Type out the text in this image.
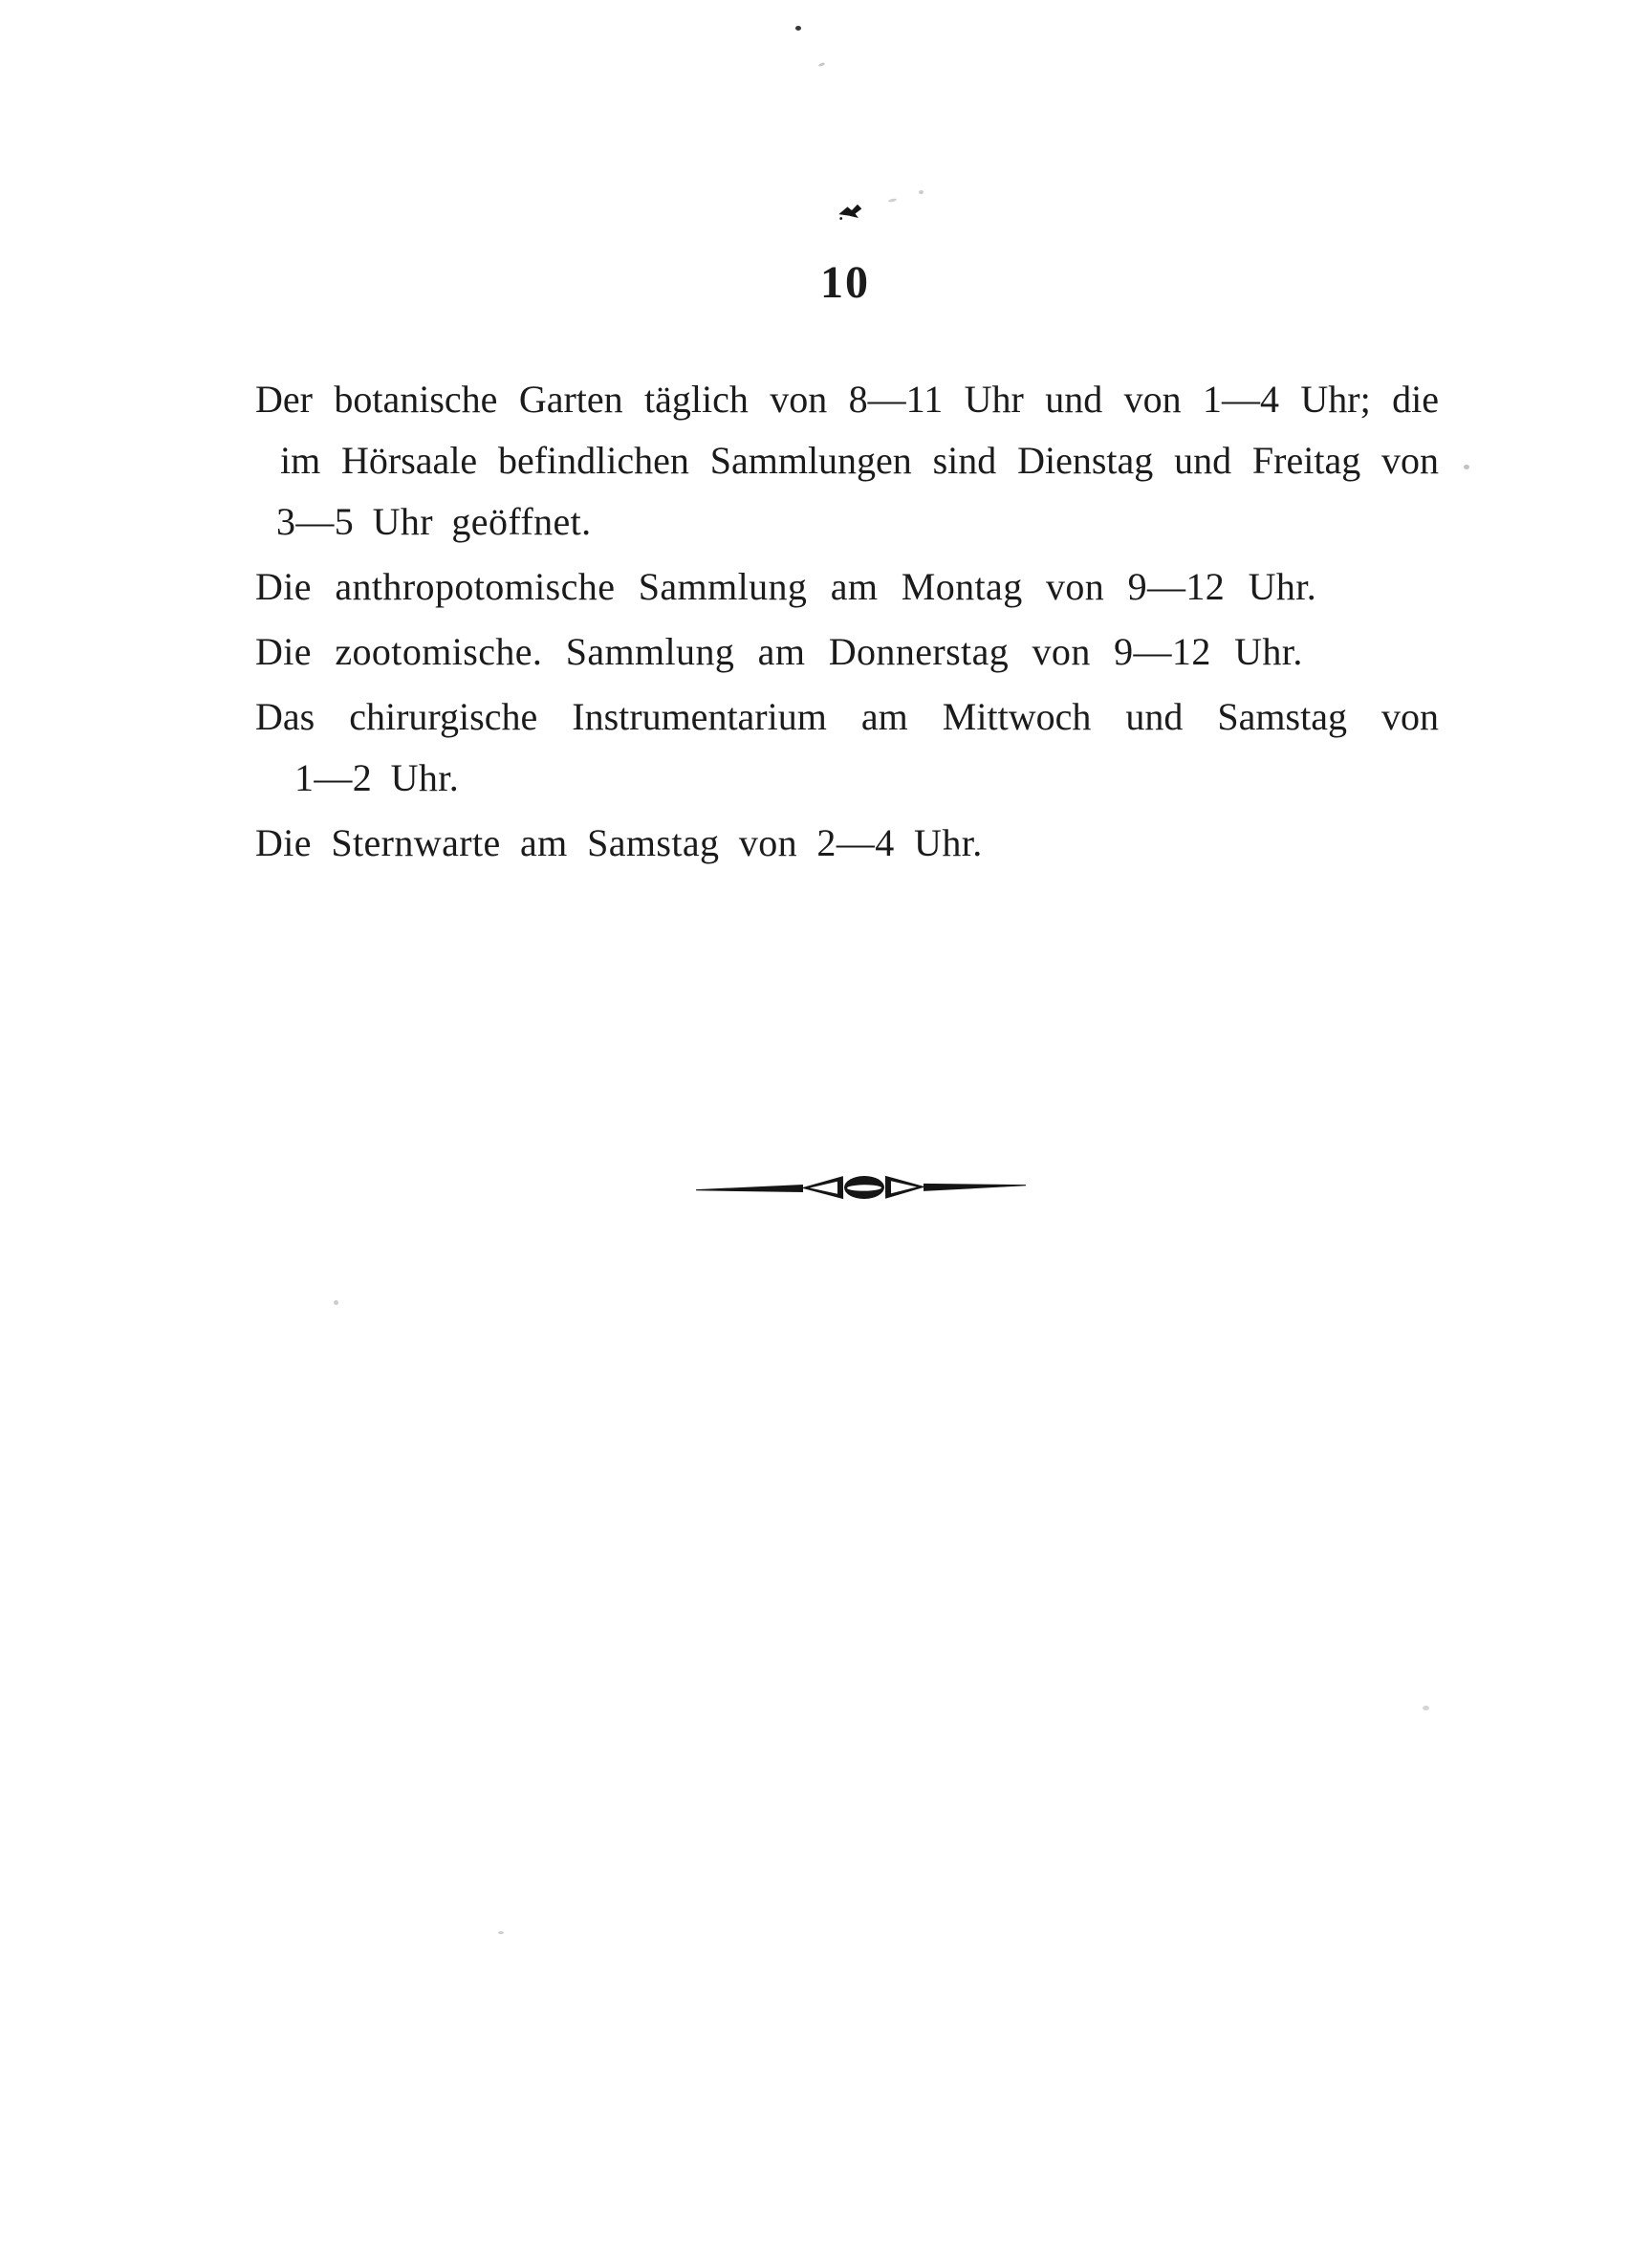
10

Der botanische Garten täglich von 8—11 Uhr und von 1—4 Uhr; die

im Hörsaale befindlichen Sammlungen sind Dienstag und Freitag von

3—5 Uhr geöffnet.

Die anthropotomische Sammlung am Montag von 9—12 Uhr.

Die zootomische. Sammlung am Donnerstag von 9—12 Uhr.

Das chirurgische Instrumentarium am Mittwoch und Samstag von

1—2 Uhr.

Die Sternwarte am Samstag von 2—4 Uhr.
